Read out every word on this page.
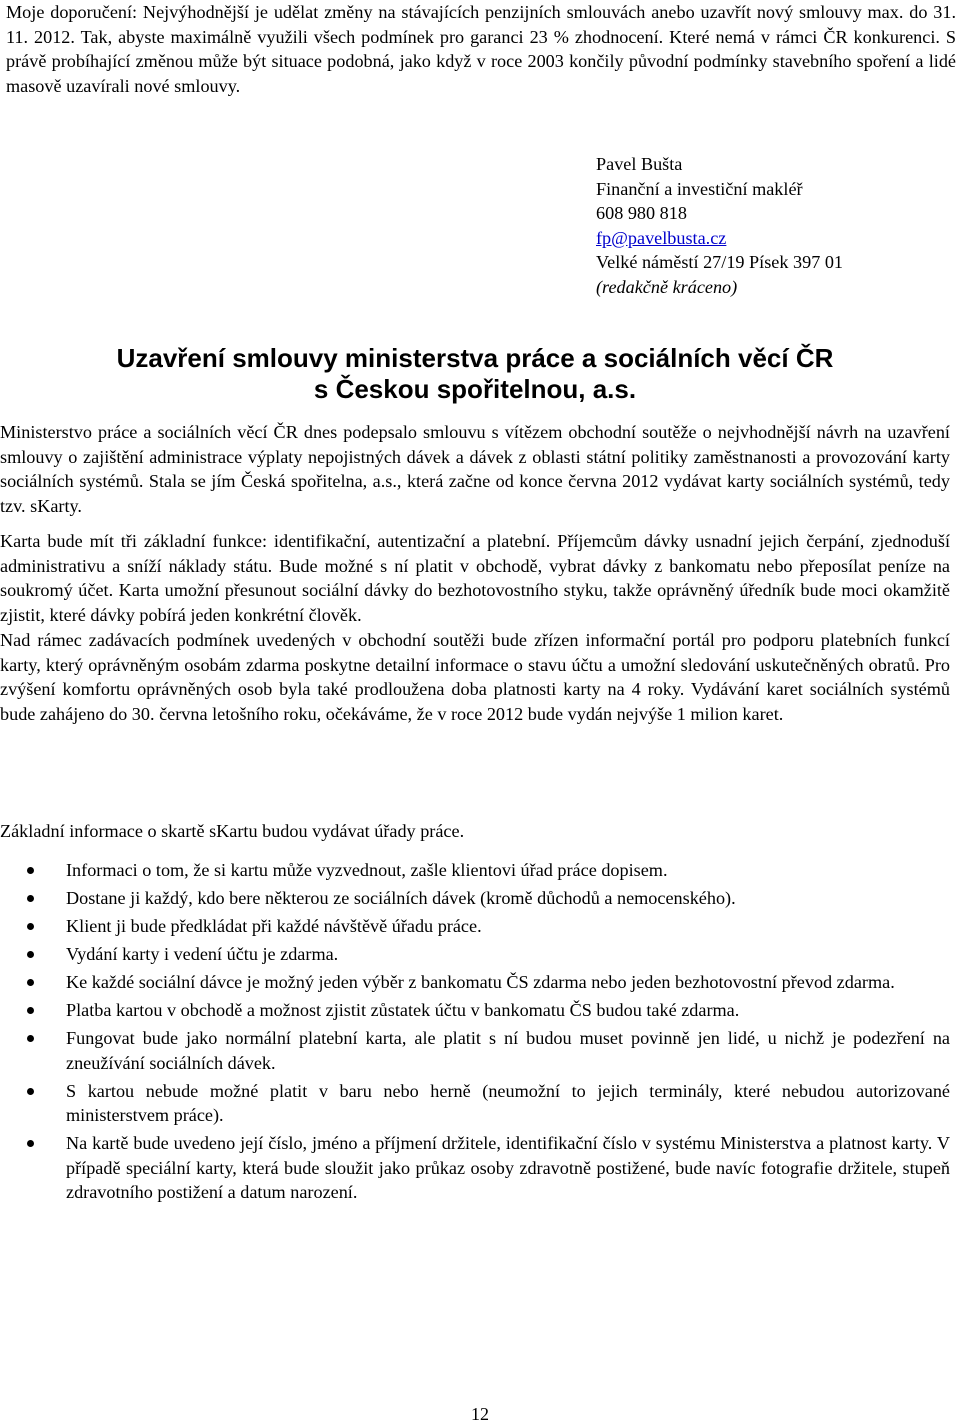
Moje doporučení: Nejvýhodnější je udělat změny na stávajících penzijních smlouvách anebo uzavřít nový smlouvy max. do 31. 11. 2012. Tak, abyste maximálně využili všech podmínek pro garanci 23 % zhodnocení. Které nemá v rámci ČR konkurenci. S právě probíhající změnou může být situace podobná, jako když v roce 2003 končily původní podmínky stavebního spoření a lidé masově uzavírali nové smlouvy.

Pavel Bušta
Finanční a investiční makléř
608 980 818
fp@pavelbusta.cz
Velké náměstí 27/19 Písek 397 01
(redakčně kráceno)
Uzavření smlouvy ministerstva práce a sociálních věcí ČR
s Českou spořitelnou, a.s.

Ministerstvo práce a sociálních věcí ČR dnes podepsalo smlouvu s vítězem obchodní soutěže o nejvhodnější návrh na uzavření smlouvy o zajištění administrace výplaty nepojistných dávek a dávek z oblasti státní politiky zaměstnanosti a provozování karty sociálních systémů. Stala se jím Česká spořitelna, a.s., která začne od konce června 2012 vydávat karty sociálních systémů, tedy tzv. sKarty.

Karta bude mít tři základní funkce: identifikační, autentizační a platební. Příjemcům dávky usnadní jejich čerpání, zjednoduší administrativu a sníží náklady státu. Bude možné s ní platit v obchodě, vybrat dávky z bankomatu nebo přeposílat peníze na soukromý účet. Karta umožní přesunout sociální dávky do bezhotovostního styku, takže oprávněný úředník bude moci okamžitě zjistit, které dávky pobírá jeden konkrétní člověk.

Nad rámec zadávacích podmínek uvedených v obchodní soutěži bude zřízen informační portál pro podporu platebních funkcí karty, který oprávněným osobám zdarma poskytne detailní informace o stavu účtu a umožní sledování uskutečněných obratů. Pro zvýšení komfortu oprávněných osob byla také prodloužena doba platnosti karty na 4 roky. Vydávání karet sociálních systémů bude zahájeno do 30. června letošního roku, očekáváme, že v roce 2012 bude vydán nejvýše 1 milion karet.

Základní informace o skartě sKartu budou vydávat úřady práce.
Informaci o tom, že si kartu může vyzvednout, zašle klientovi úřad práce dopisem.
Dostane ji každý, kdo bere některou ze sociálních dávek (kromě důchodů a nemocenského).
Klient ji bude předkládat při každé návštěvě úřadu práce.
Vydání karty i vedení účtu je zdarma.
Ke každé sociální dávce je možný jeden výběr z bankomatu ČS zdarma nebo jeden bezhotovostní převod zdarma.
Platba kartou v obchodě a možnost zjistit zůstatek účtu v bankomatu ČS budou také zdarma.
Fungovat bude jako normální platební karta, ale platit s ní budou muset povinně jen lidé, u nichž je podezření na zneužívání sociálních dávek.
S kartou nebude možné platit v baru nebo herně (neumožní to jejich terminály, které nebudou autorizované ministerstvem práce).
Na kartě bude uvedeno její číslo, jméno a příjmení držitele, identifikační číslo v systému Ministerstva a platnost karty. V případě speciální karty, která bude sloužit jako průkaz osoby zdravotně postižené, bude navíc fotografie držitele, stupeň zdravotního postižení a datum narození.
12
